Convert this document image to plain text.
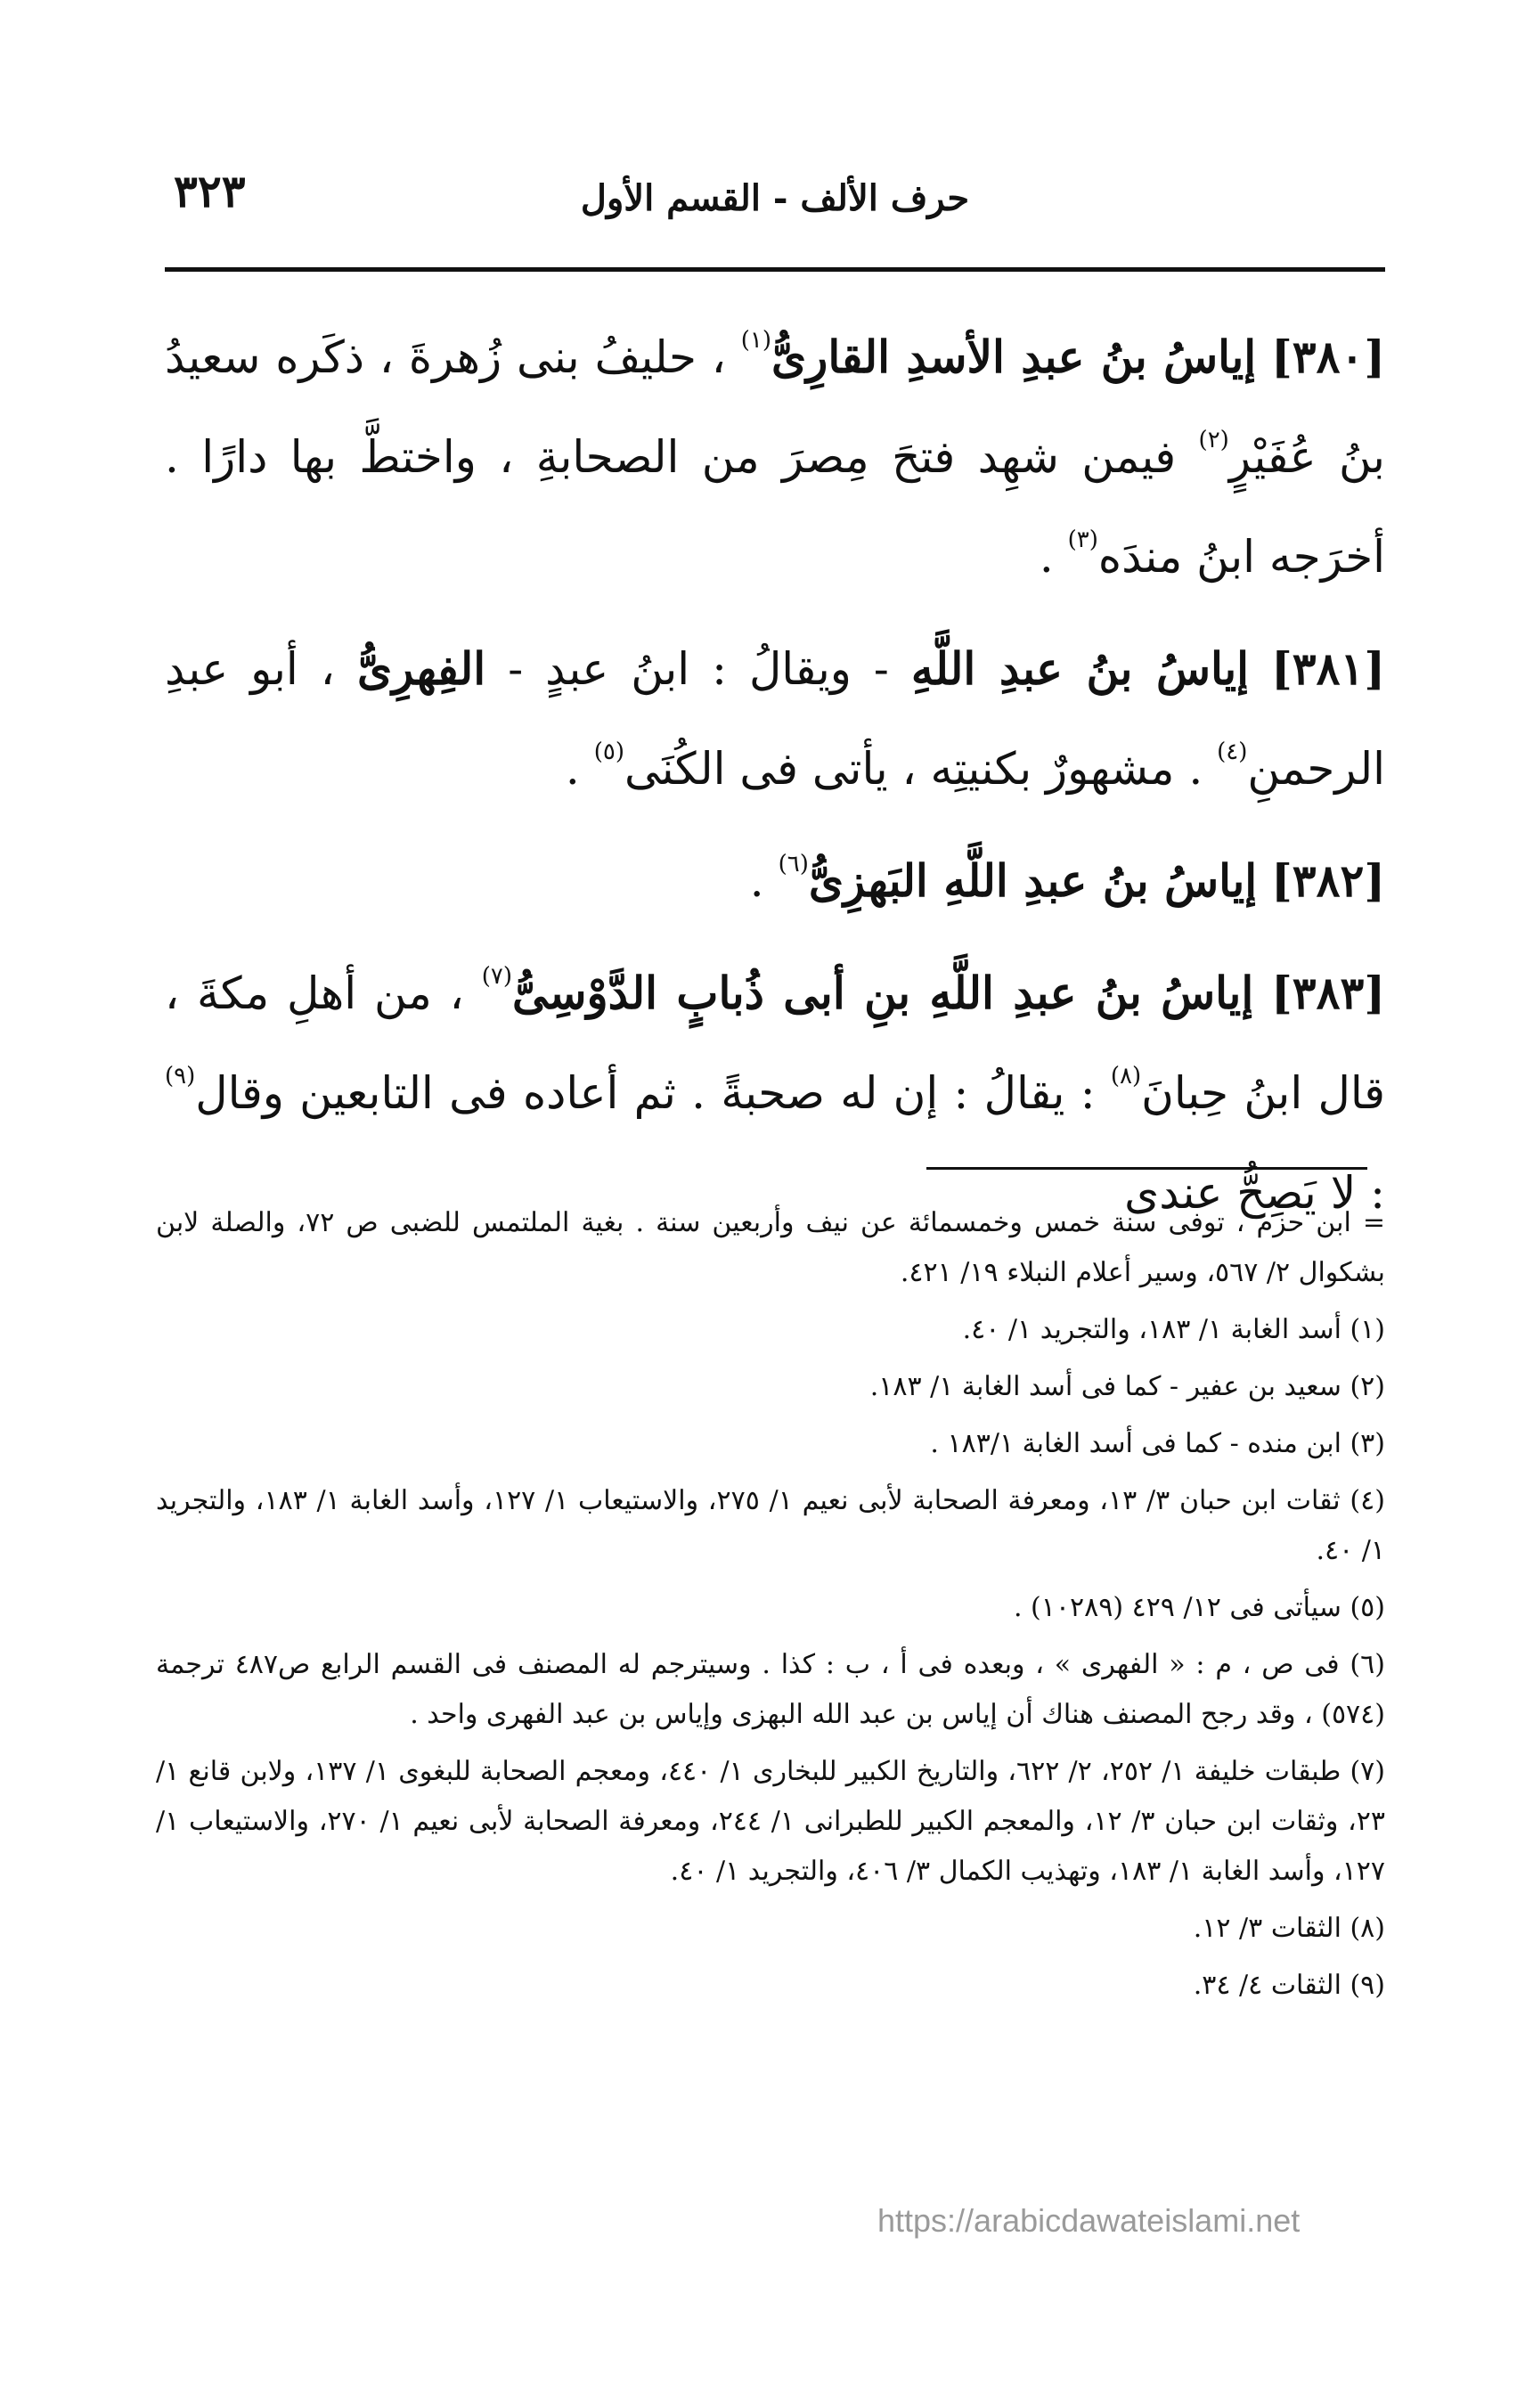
٣٢٣	حرف الألف - القسم الأول

[٣٨٠] إياسُ بنُ عبدِ الأسدِ القارِىُّ$^{(١)}$ ، حليفُ بنى زُهرةَ ، ذكَره سعيدُ بنُ عُفَيْرٍ$^{(٢)}$ فيمن شهِد فتحَ مِصرَ من الصحابةِ ، واختطَّ بها دارًا . أخرَجه ابنُ مندَه$^{(٣)}$ .

[٣٨١] إياسُ بنُ عبدِ اللَّهِ - ويقالُ : ابنُ عبدٍ - الفِهرِىُّ ، أبو عبدِ الرحمنِ$^{(٤)}$ . مشهورٌ بكنيتِه ، يأتى فى الكُنَى$^{(٥)}$ .

[٣٨٢] إياسُ بنُ عبدِ اللَّهِ البَهزِىُّ$^{(٦)}$ .

[٣٨٣] إياسُ بنُ عبدِ اللَّهِ بنِ أبى ذُبابٍ الدَّوْسِىُّ$^{(٧)}$ ، من أهلِ مكةَ ، قال ابنُ حِبانَ$^{(٨)}$ : يقالُ : إن له صحبةً . ثم أعاده فى التابعين وقال$^{(٩)}$ : لا يَصِحُّ عندى

= ابن حزم ، توفى سنة خمس وخمسمائة عن نيف وأربعين سنة . بغية الملتمس للضبى ص ٧٢، والصلة لابن بشكوال ٢/ ٥٦٧، وسير أعلام النبلاء ١٩/ ٤٢١.

(١) أسد الغابة ١/ ١٨٣، والتجريد ١/ ٤٠.

(٢) سعيد بن عفير - كما فى أسد الغابة ١/ ١٨٣.

(٣) ابن منده - كما فى أسد الغابة ١٨٣/١ .

(٤) ثقات ابن حبان ٣/ ١٣، ومعرفة الصحابة لأبى نعيم ١/ ٢٧٥، والاستيعاب ١/ ١٢٧، وأسد الغابة ١/ ١٨٣، والتجريد ١/ ٤٠.

(٥) سيأتى فى ١٢/ ٤٢٩ (١٠٢٨٩) .

(٦) فى ص ، م : « الفهرى » ، وبعده فى أ ، ب : كذا . وسيترجم له المصنف فى القسم الرابع ص٤٨٧ ترجمة (٥٧٤) ، وقد رجح المصنف هناك أن إياس بن عبد الله البهزى وإياس بن عبد الفهرى واحد .

(٧) طبقات خليفة ١/ ٢٥٢، ٢/ ٦٢٢، والتاريخ الكبير للبخارى ١/ ٤٤٠، ومعجم الصحابة للبغوى ١/ ١٣٧، ولابن قانع ١/ ٢٣، وثقات ابن حبان ٣/ ١٢، والمعجم الكبير للطبرانى ١/ ٢٤٤، ومعرفة الصحابة لأبى نعيم ١/ ٢٧٠، والاستيعاب ١/ ١٢٧، وأسد الغابة ١/ ١٨٣، وتهذيب الكمال ٣/ ٤٠٦، والتجريد ١/ ٤٠.

(٨) الثقات ٣/ ١٢.

(٩) الثقات ٤/ ٣٤.

https://arabicdawateislami.net
